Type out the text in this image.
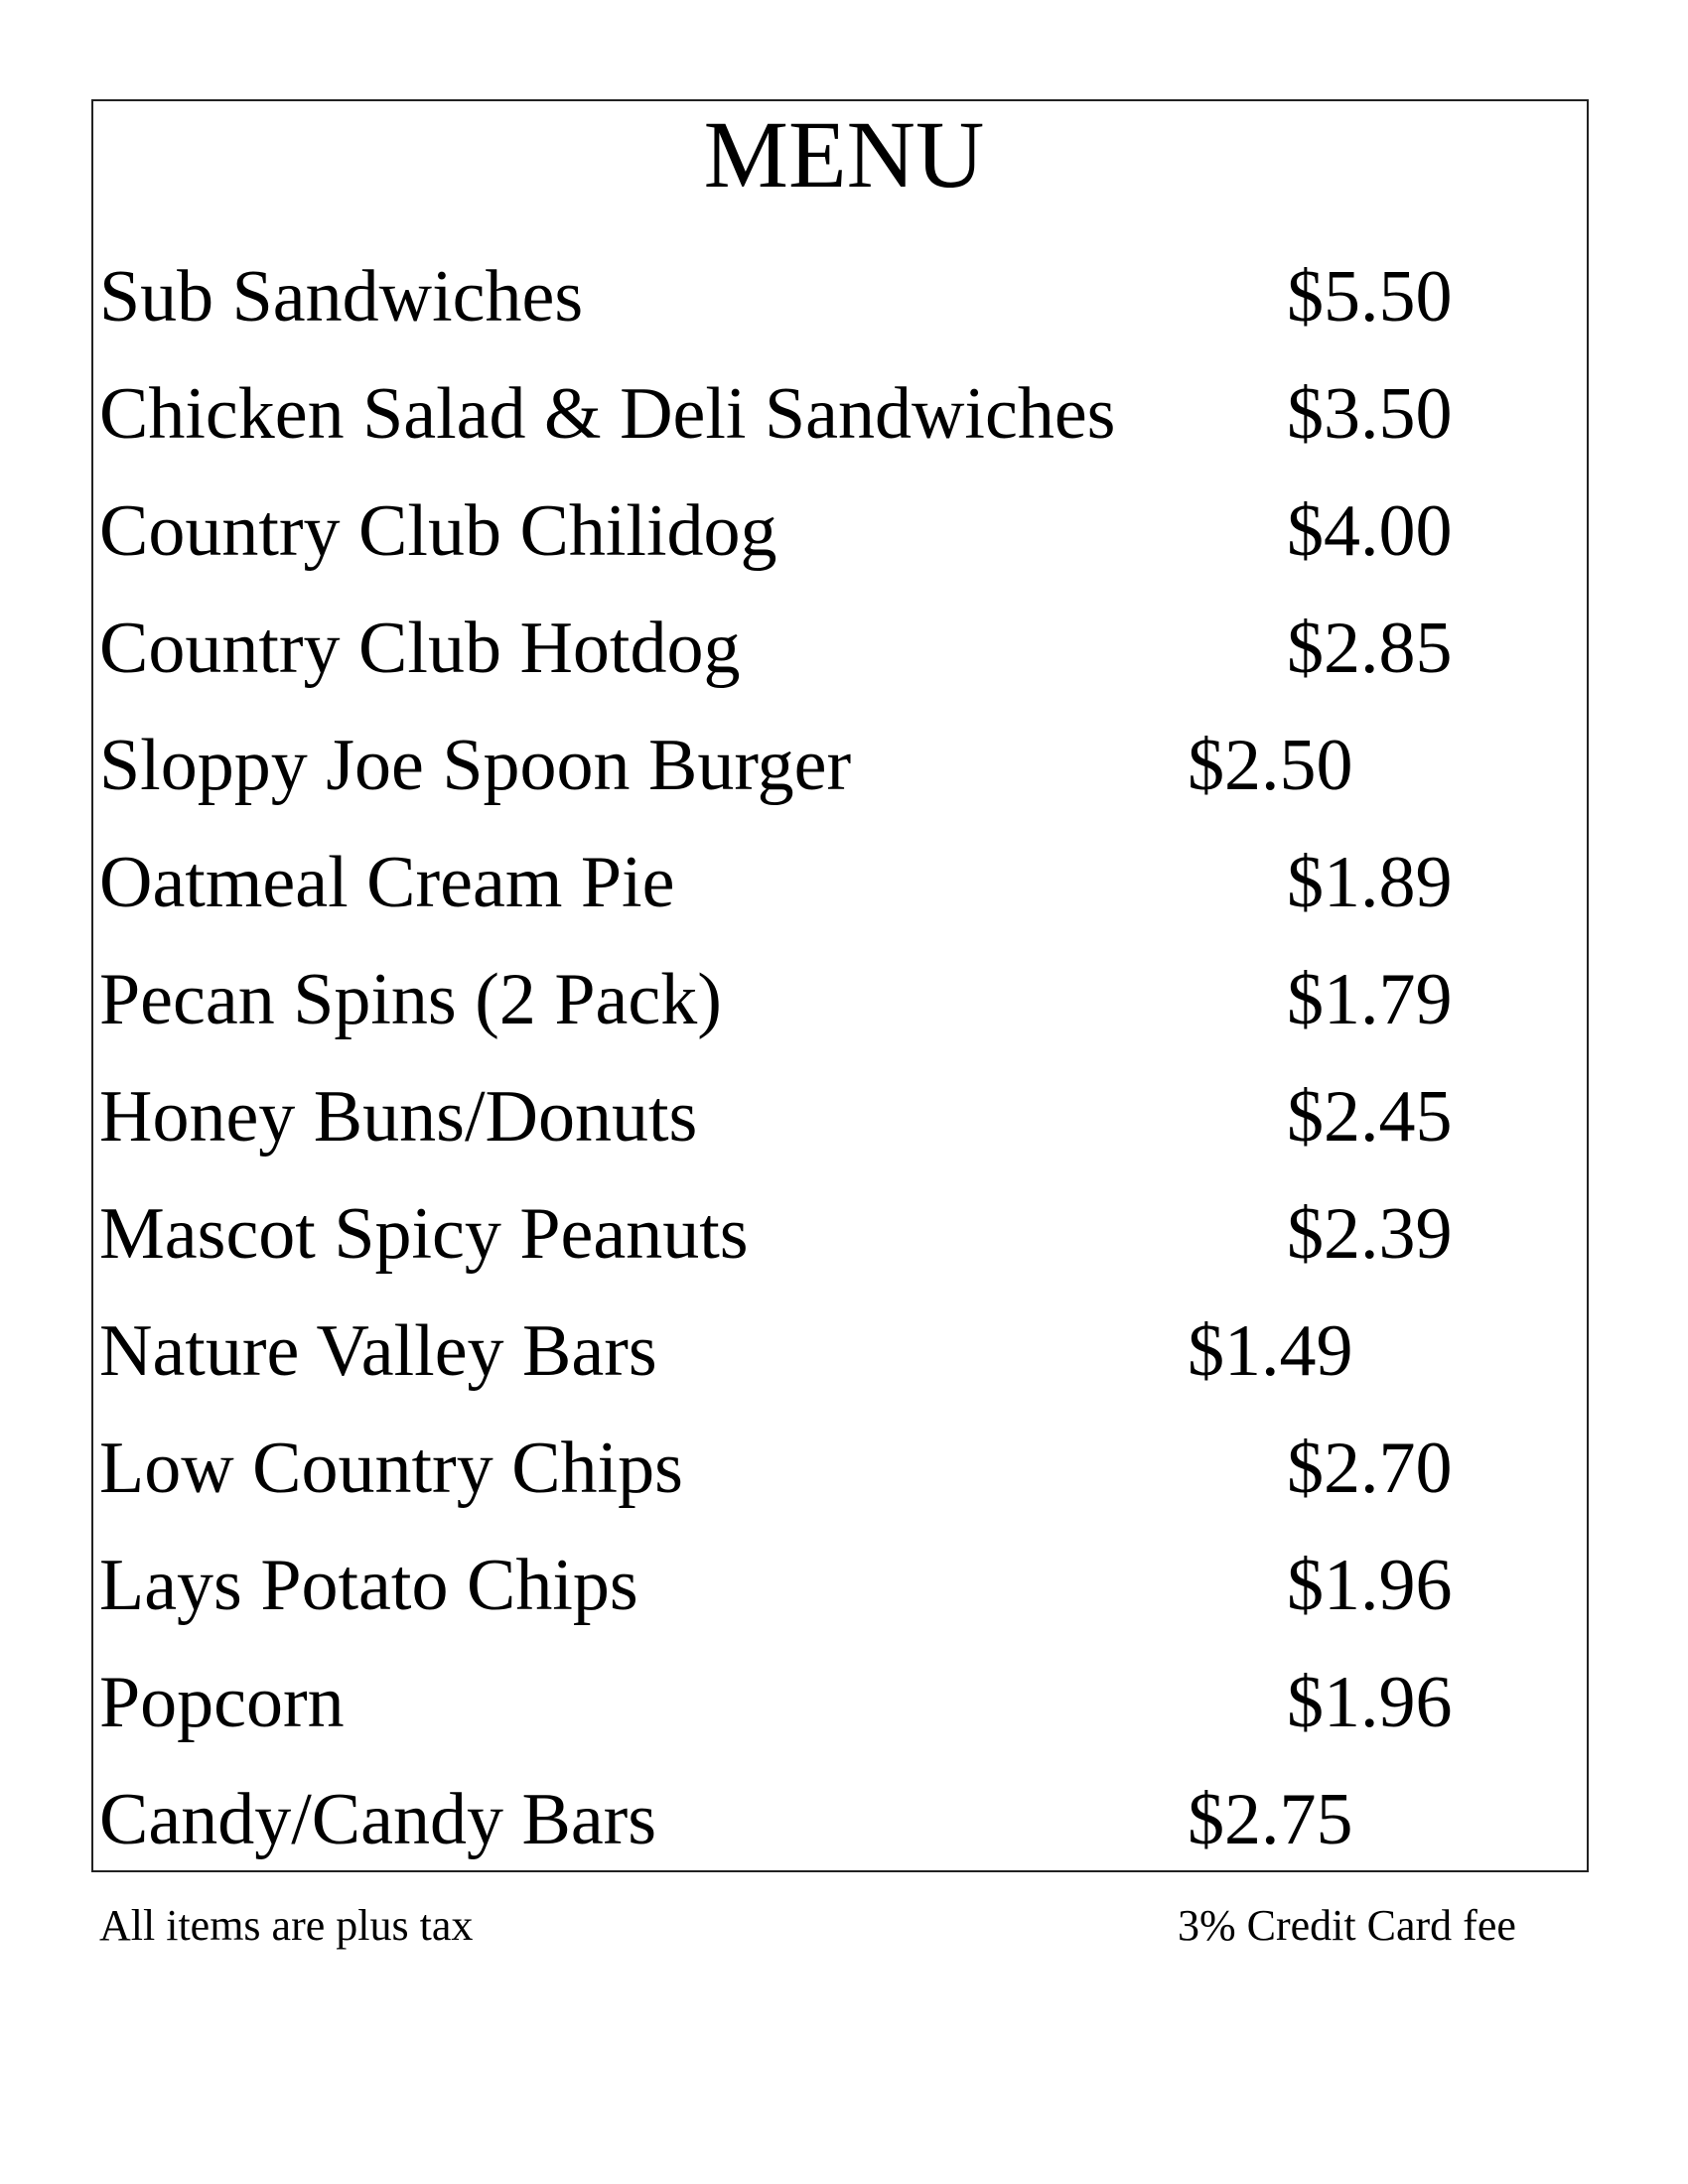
MENU
Sub Sandwiches	$5.50
Chicken Salad & Deli Sandwiches $3.50
Country Club Chilidog	$4.00
Country Club Hotdog	$2.85
Sloppy Joe Spoon Burger	$2.50
Oatmeal Cream Pie	$1.89
Pecan Spins (2 Pack)	$1.79
Honey Buns/Donuts	$2.45
Mascot Spicy Peanuts	$2.39
Nature Valley Bars	$1.49
Low Country Chips	$2.70
Lays Potato Chips	$1.96
Popcorn	$1.96
Candy/Candy Bars	$2.75
All items are plus tax	3% Credit Card fee
